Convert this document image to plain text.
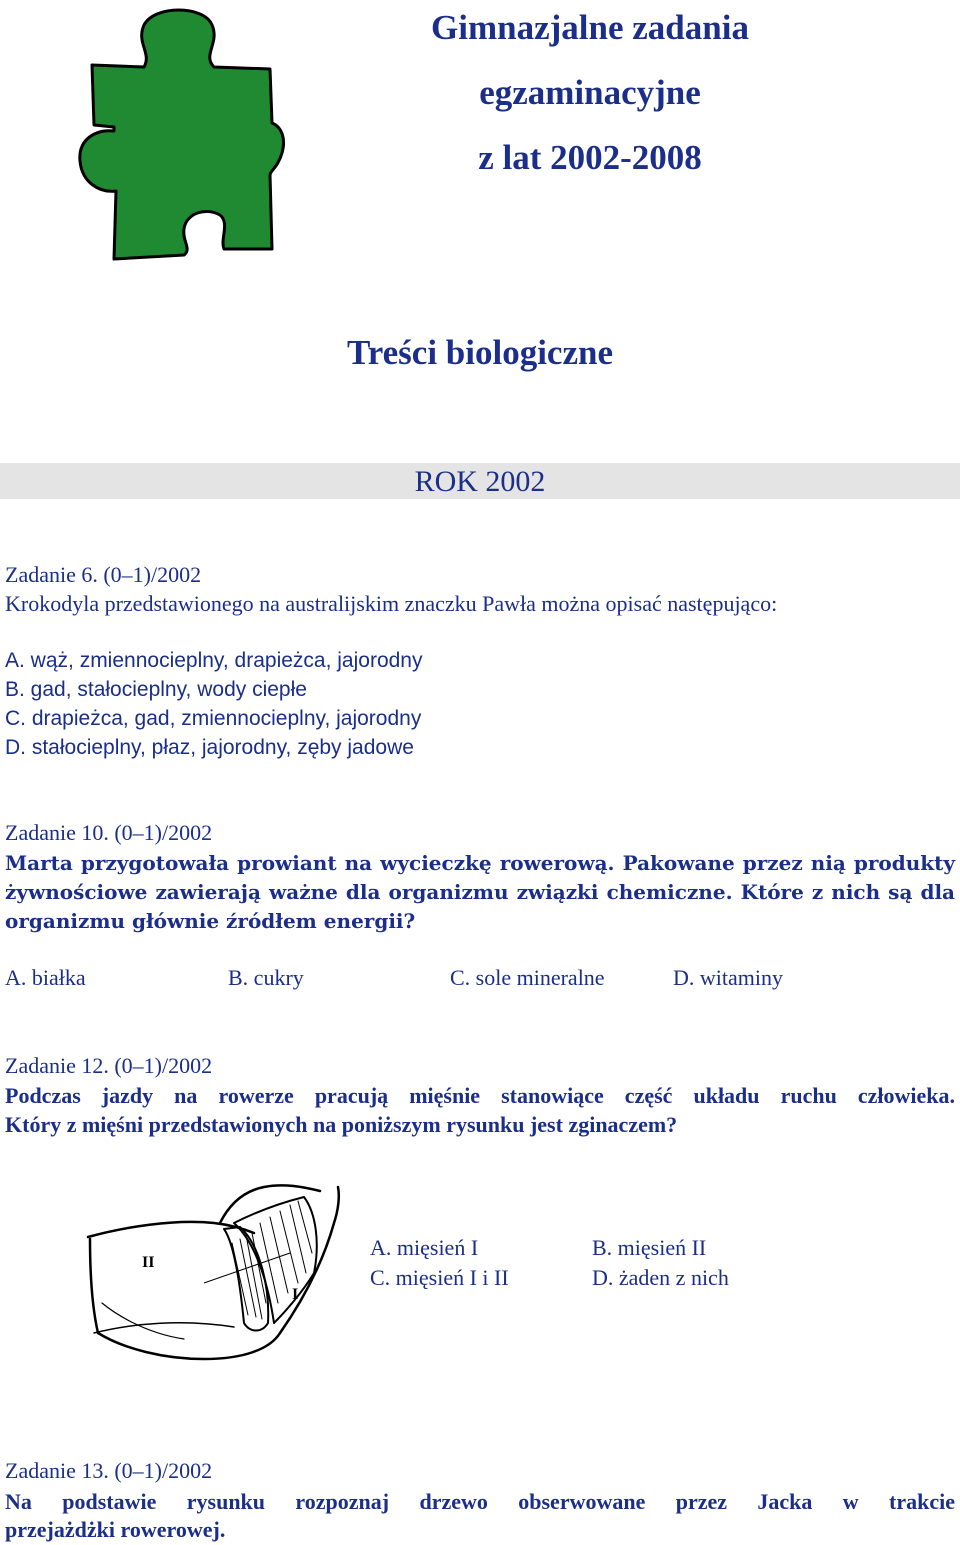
Gimnazjalne zadania
egzaminacyjne
z lat 2002-2008
Treści biologiczne
ROK 2002
Zadanie 6. (0–1)/2002
Krokodyla przedstawionego na australijskim znaczku Pawła można opisać następująco:
A. wąż, zmiennocieplny, drapieżca, jajorodny
B. gad, stałocieplny, wody ciepłe
C. drapieżca, gad, zmiennocieplny, jajorodny
D. stałocieplny, płaz, jajorodny, zęby jadowe
Zadanie 10. (0–1)/2002
Marta przygotowała prowiant na wycieczkę rowerową. Pakowane przez nią produkty
żywnościowe zawierają ważne dla organizmu związki chemiczne. Które z nich są dla
organizmu głównie źródłem energii?
A. białka	B. cukry	C. sole mineralne	D. witaminy
Zadanie 12. (0–1)/2002
Podczas jazdy na rowerze pracują mięśnie stanowiące część układu ruchu człowieka.
Który z mięśni przedstawionych na poniższym rysunku jest zginaczem?
II
I
A. mięsień I	B. mięsień II
C. mięsień I i II	D. żaden z nich
Zadanie 13. (0–1)/2002
Na podstawie rysunku rozpoznaj drzewo obserwowane przez Jacka w trakcie
przejażdżki rowerowej.
